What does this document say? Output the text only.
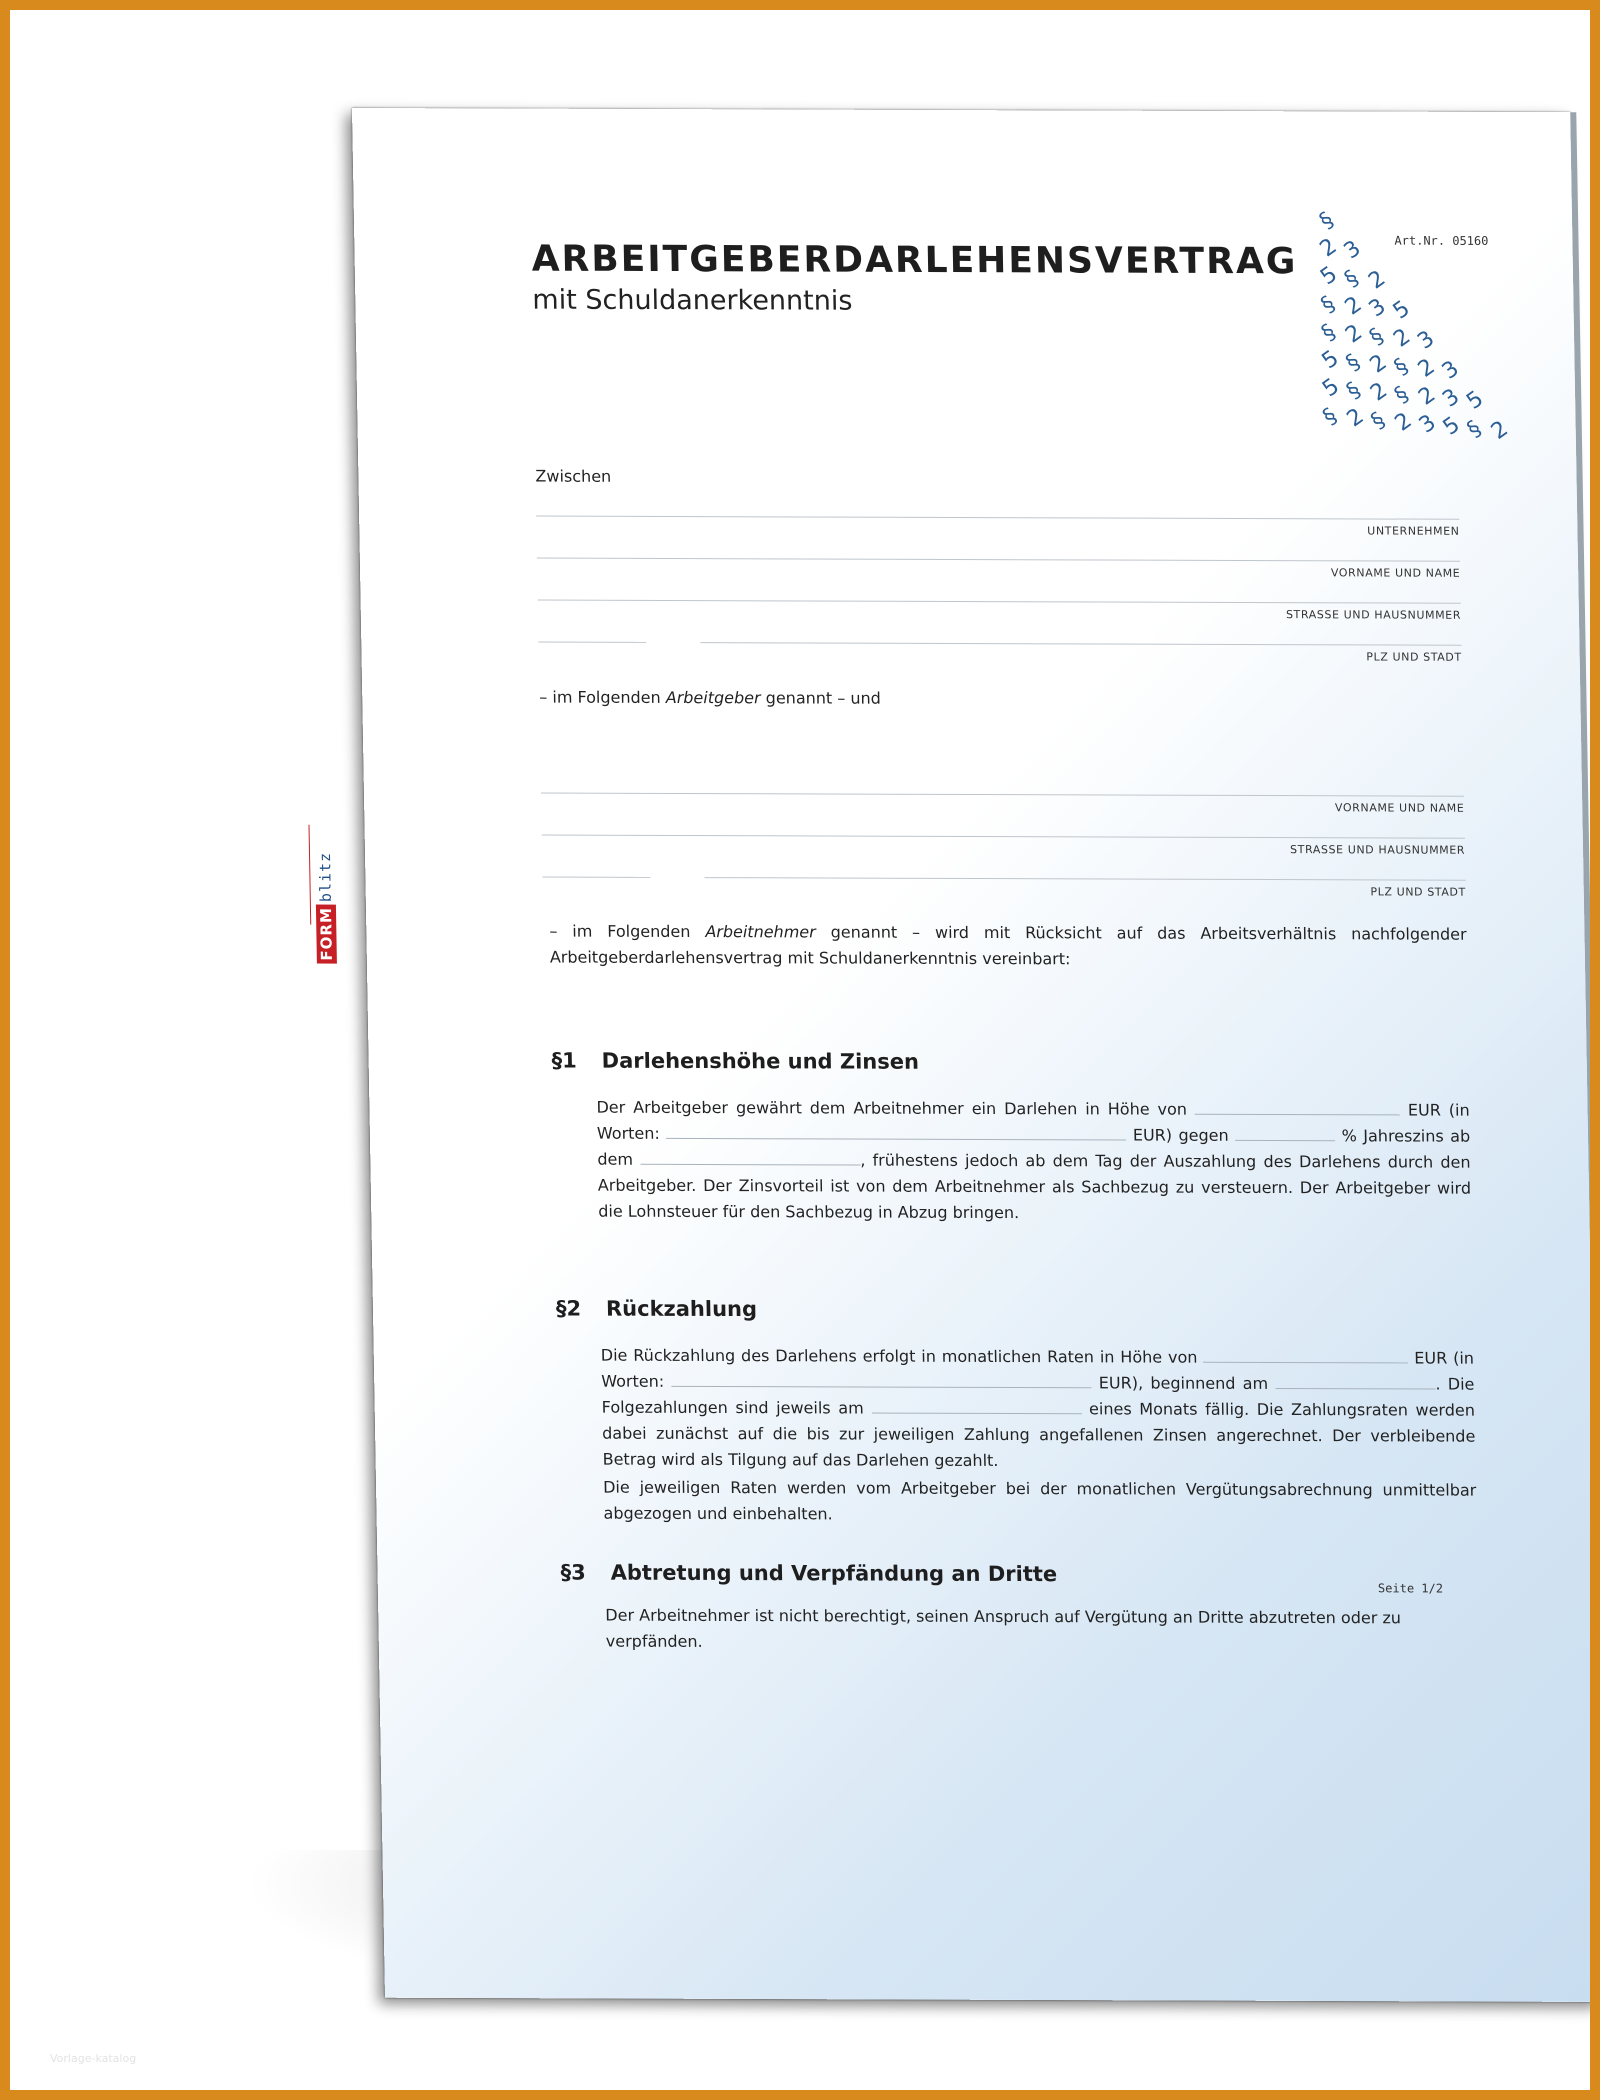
FORMblitz
ARBEITGEBERDARLEHENSVERTRAG
mit Schuldanerkenntnis
Art.Nr. 05160
§
2
3
5
§ 2
§ 2
3
5
§ 2
§ 2
3
5
§ 2
§ 2
3
5
§ 2
§ 2
3
5
§ 2
§ 2
3
5
§ 2
Zwischen
UNTERNEHMEN
VORNAME UND NAME
STRASSE UND HAUSNUMMER
PLZ UND STADT
– im Folgenden Arbeitgeber genannt – und
VORNAME UND NAME
STRASSE UND HAUSNUMMER
PLZ UND STADT
– im Folgenden Arbeitnehmer genannt – wird mit Rücksicht auf das Arbeitsverhältnis nachfolgender Arbeitgeberdarlehensvertrag mit Schuldanerkenntnis vereinbart:
§1 Darlehenshöhe und Zinsen
Der Arbeitgeber gewährt dem Arbeitnehmer ein Darlehen in Höhe von	EUR (in Worten:	EUR) gegen	% Jahreszins ab dem	, frühestens jedoch ab dem Tag der Auszahlung des Darlehens durch den Arbeitgeber. Der Zinsvorteil ist von dem Arbeitnehmer als Sachbezug zu versteuern. Der Arbeitgeber wird die Lohnsteuer für den Sachbezug in Abzug bringen.
§2 Rückzahlung
Die Rückzahlung des Darlehens erfolgt in monatlichen Raten in Höhe von	EUR (in Worten:	EUR), beginnend am	. Die Folgezahlungen sind jeweils am	eines Monats fällig. Die Zahlungsraten werden dabei zunächst auf die bis zur jeweiligen Zahlung angefallenen Zinsen angerechnet. Der verbleibende Betrag wird als Tilgung auf das Darlehen gezahlt.
Die jeweiligen Raten werden vom Arbeitgeber bei der monatlichen Vergütungsabrechnung unmittelbar abgezogen und einbehalten.
§3 Abtretung und Verpfändung an Dritte
Der Arbeitnehmer ist nicht berechtigt, seinen Anspruch auf Vergütung an Dritte abzutreten oder zu verpfänden.
Seite 1/2
Vorlage-katalog
